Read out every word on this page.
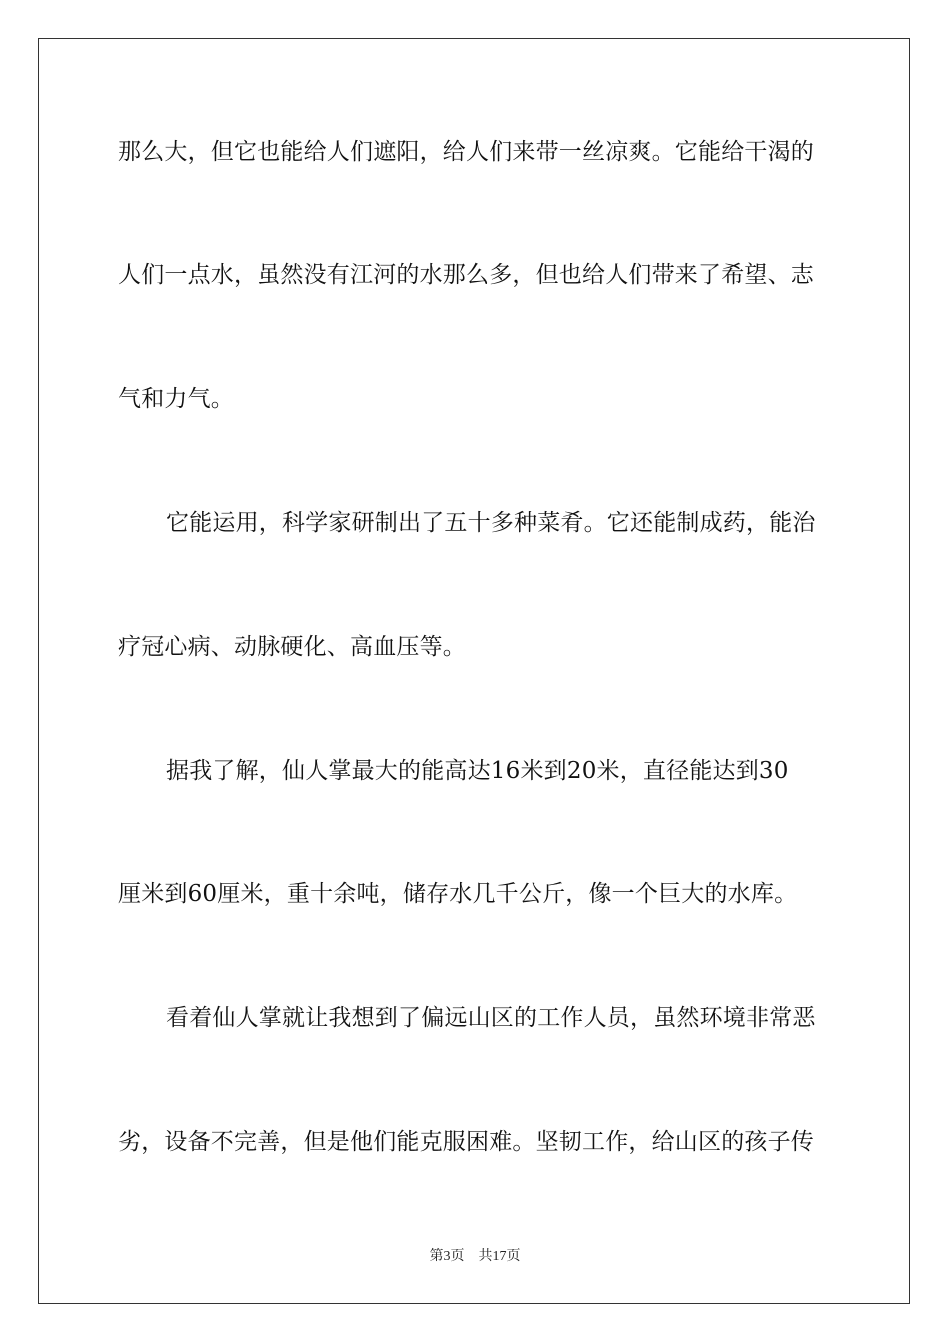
那么大，但它也能给人们遮阳，给人们来带一丝凉爽。它能给干渴的
人们一点水，虽然没有江河的水那么多，但也给人们带来了希望、志
气和力气。
它能运用，科学家研制出了五十多种菜肴。它还能制成药，能治
疗冠心病、动脉硬化、高血压等。
据我了解，仙人掌最大的能高达16米到20米，直径能达到30
厘米到60厘米，重十余吨，储存水几千公斤，像一个巨大的水库。
看着仙人掌就让我想到了偏远山区的工作人员，虽然环境非常恶
劣，设备不完善，但是他们能克服困难。坚韧工作，给山区的孩子传
第3页 共17页
